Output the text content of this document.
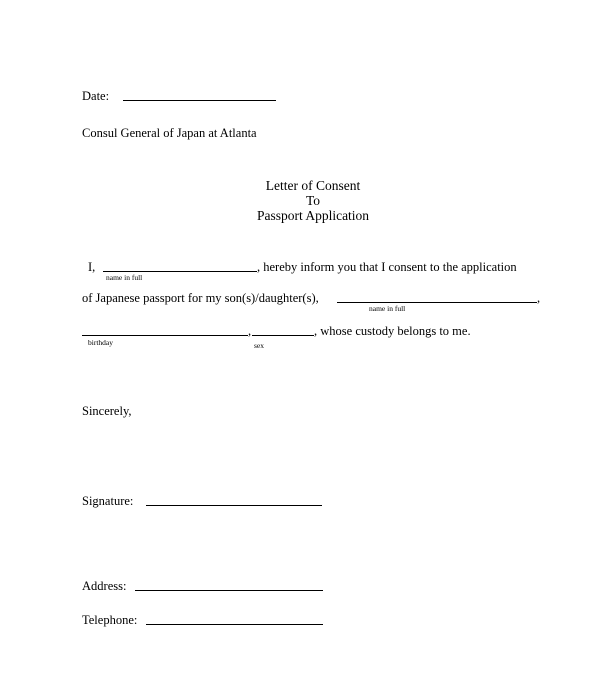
Date:
Consul General of Japan at Atlanta
Letter of Consent
To
Passport Application
I,	, hereby inform you that I consent to the application
name in full
of Japanese passport for my son(s)/daughter(s),	,
name in full
,	, whose custody belongs to me.
birthday	sex
Sincerely,
Signature:
Address:
Telephone:
